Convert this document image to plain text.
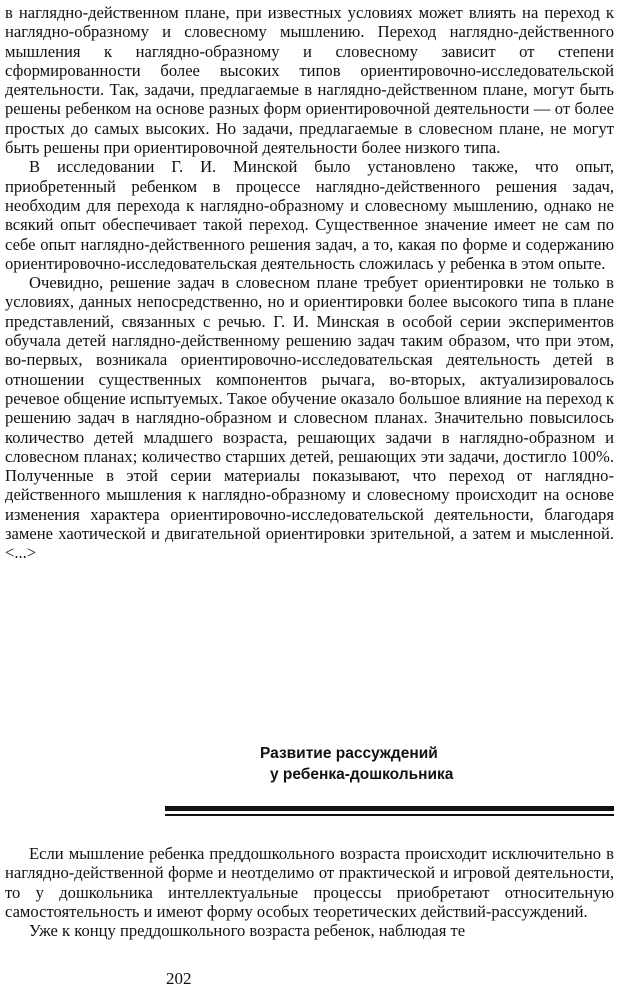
в наглядно-действенном плане, при известных условиях может влиять на переход к наглядно-образному и словесному мышлению. Переход наглядно-действенного мышления к наглядно-образному и словесному зависит от степени сформированности более высоких типов ориентировочно-исследовательской деятельности. Так, задачи, предлагаемые в наглядно-действенном плане, могут быть решены ребенком на основе разных форм ориентировочной деятельности — от более простых до самых высоких. Но задачи, предлагаемые в словесном плане, не могут быть решены при ориентировочной деятельности более низкого типа.

В исследовании Г. И. Минской было установлено также, что опыт, приобретенный ребенком в процессе наглядно-действенного решения задач, необходим для перехода к наглядно-образному и словесному мышлению, однако не всякий опыт обеспечивает такой переход. Существенное значение имеет не сам по себе опыт наглядно-действенного решения задач, а то, какая по форме и содержанию ориентировочно-исследовательская деятельность сложилась у ребенка в этом опыте.

Очевидно, решение задач в словесном плане требует ориентировки не только в условиях, данных непосредственно, но и ориентировки более высокого типа в плане представлений, связанных с речью. Г. И. Минская в особой серии экспериментов обучала детей наглядно-действенному решению задач таким образом, что при этом, во-первых, возникала ориентировочно-исследовательская деятельность детей в отношении существенных компонентов рычага, во-вторых, актуализировалось речевое общение испытуемых. Такое обучение оказало большое влияние на переход к решению задач в наглядно-образном и словесном планах. Значительно повысилось количество детей младшего возраста, решающих задачи в наглядно-образном и словесном планах; количество старших детей, решающих эти задачи, достигло 100%. Полученные в этой серии материалы показывают, что переход от наглядно-действенного мышления к наглядно-образному и словесному происходит на основе изменения характера ориентировочно-исследовательской деятельности, благодаря замене хаотической и двигательной ориентировки зрительной, а затем и мысленной. <...>

Развитие рассуждений
у ребенка-дошкольника

Если мышление ребенка преддошкольного возраста происходит исключительно в наглядно-действенной форме и неотделимо от практической и игровой деятельности, то у дошкольника интеллектуальные процессы приобретают относительную самостоятельность и имеют форму особых теоретических действий-рассуждений.

Уже к концу преддошкольного возраста ребенок, наблюдая те

202
